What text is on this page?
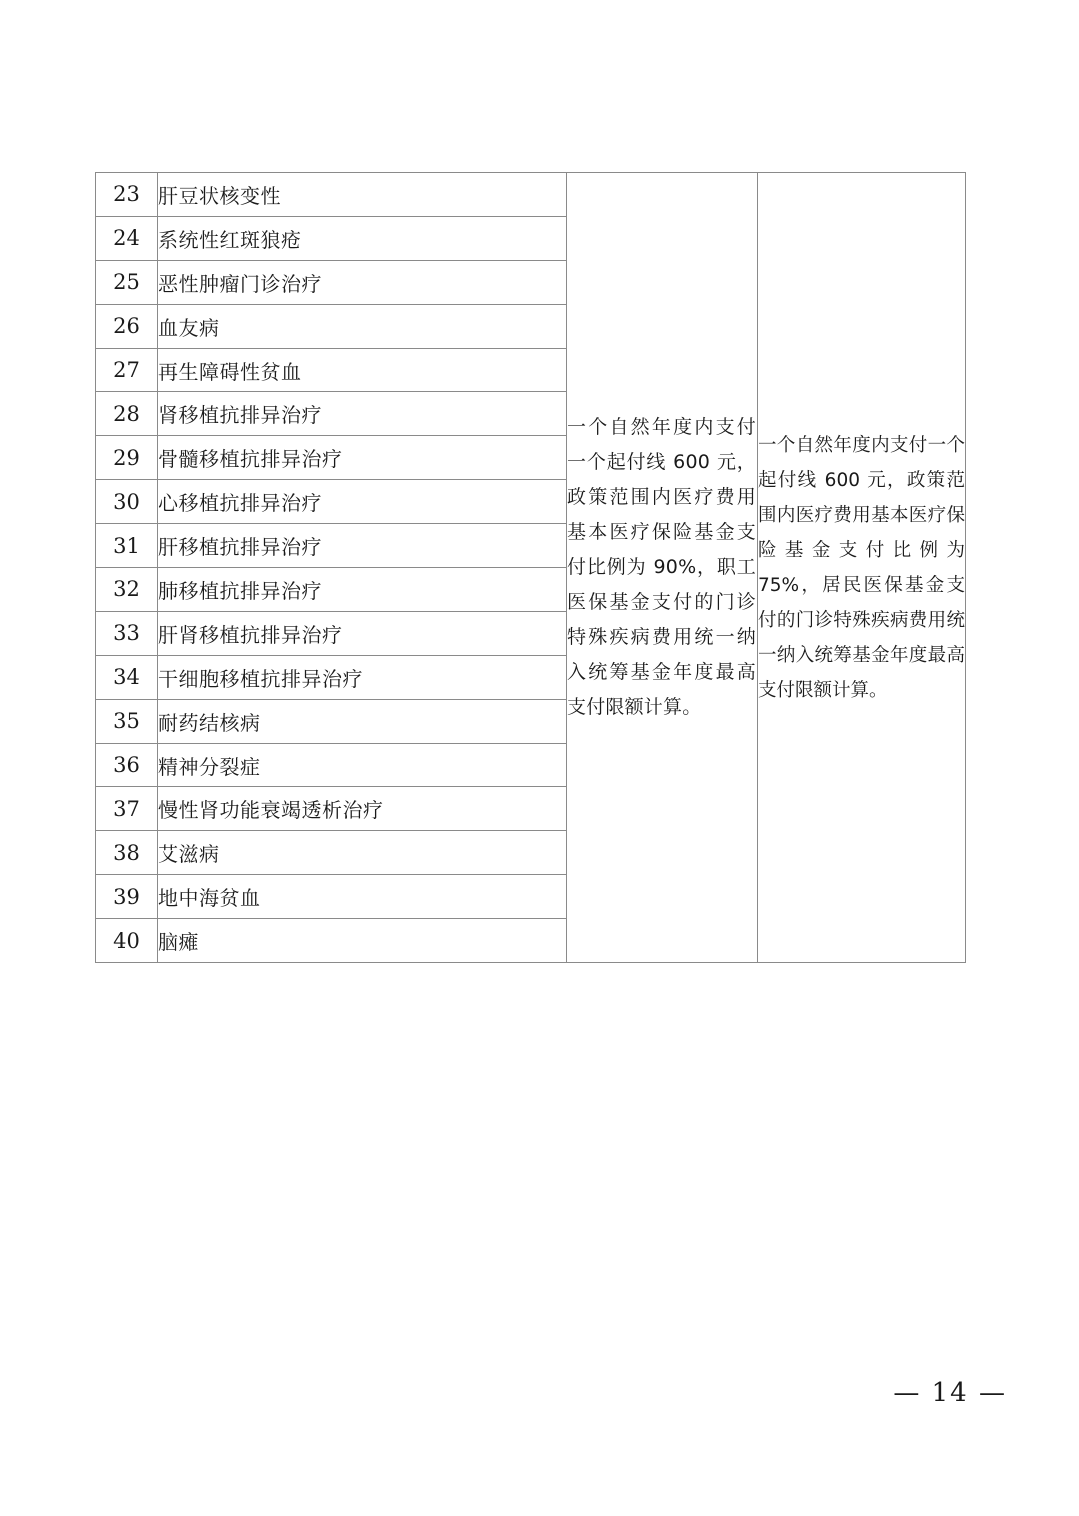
23	肝豆状核变性	一个自然年度内支付一个起付线 600 元，政策范围内医疗费用基本医疗保险基金支付比例为 90%，职工医保基金支付的门诊特殊疾病费用统一纳入统筹基金年度最高支付限额计算。	一个自然年度内支付一个起付线 600 元，政策范围内医疗费用基本医疗保险基金支付比例为 75%，居民医保基金支付的门诊特殊疾病费用统一纳入统筹基金年度最高支付限额计算。

24	系统性红斑狼疮		
25	恶性肿瘤门诊治疗		
26	血友病		
27	再生障碍性贫血		
28	肾移植抗排异治疗		
29	骨髓移植抗排异治疗		
30	心移植抗排异治疗		
31	肝移植抗排异治疗		
32	肺移植抗排异治疗		
33	肝肾移植抗排异治疗		
34	干细胞移植抗排异治疗		
35	耐药结核病		
36	精神分裂症		
37	慢性肾功能衰竭透析治疗		
38	艾滋病		
39	地中海贫血		
40	脑瘫		
— 14 —
